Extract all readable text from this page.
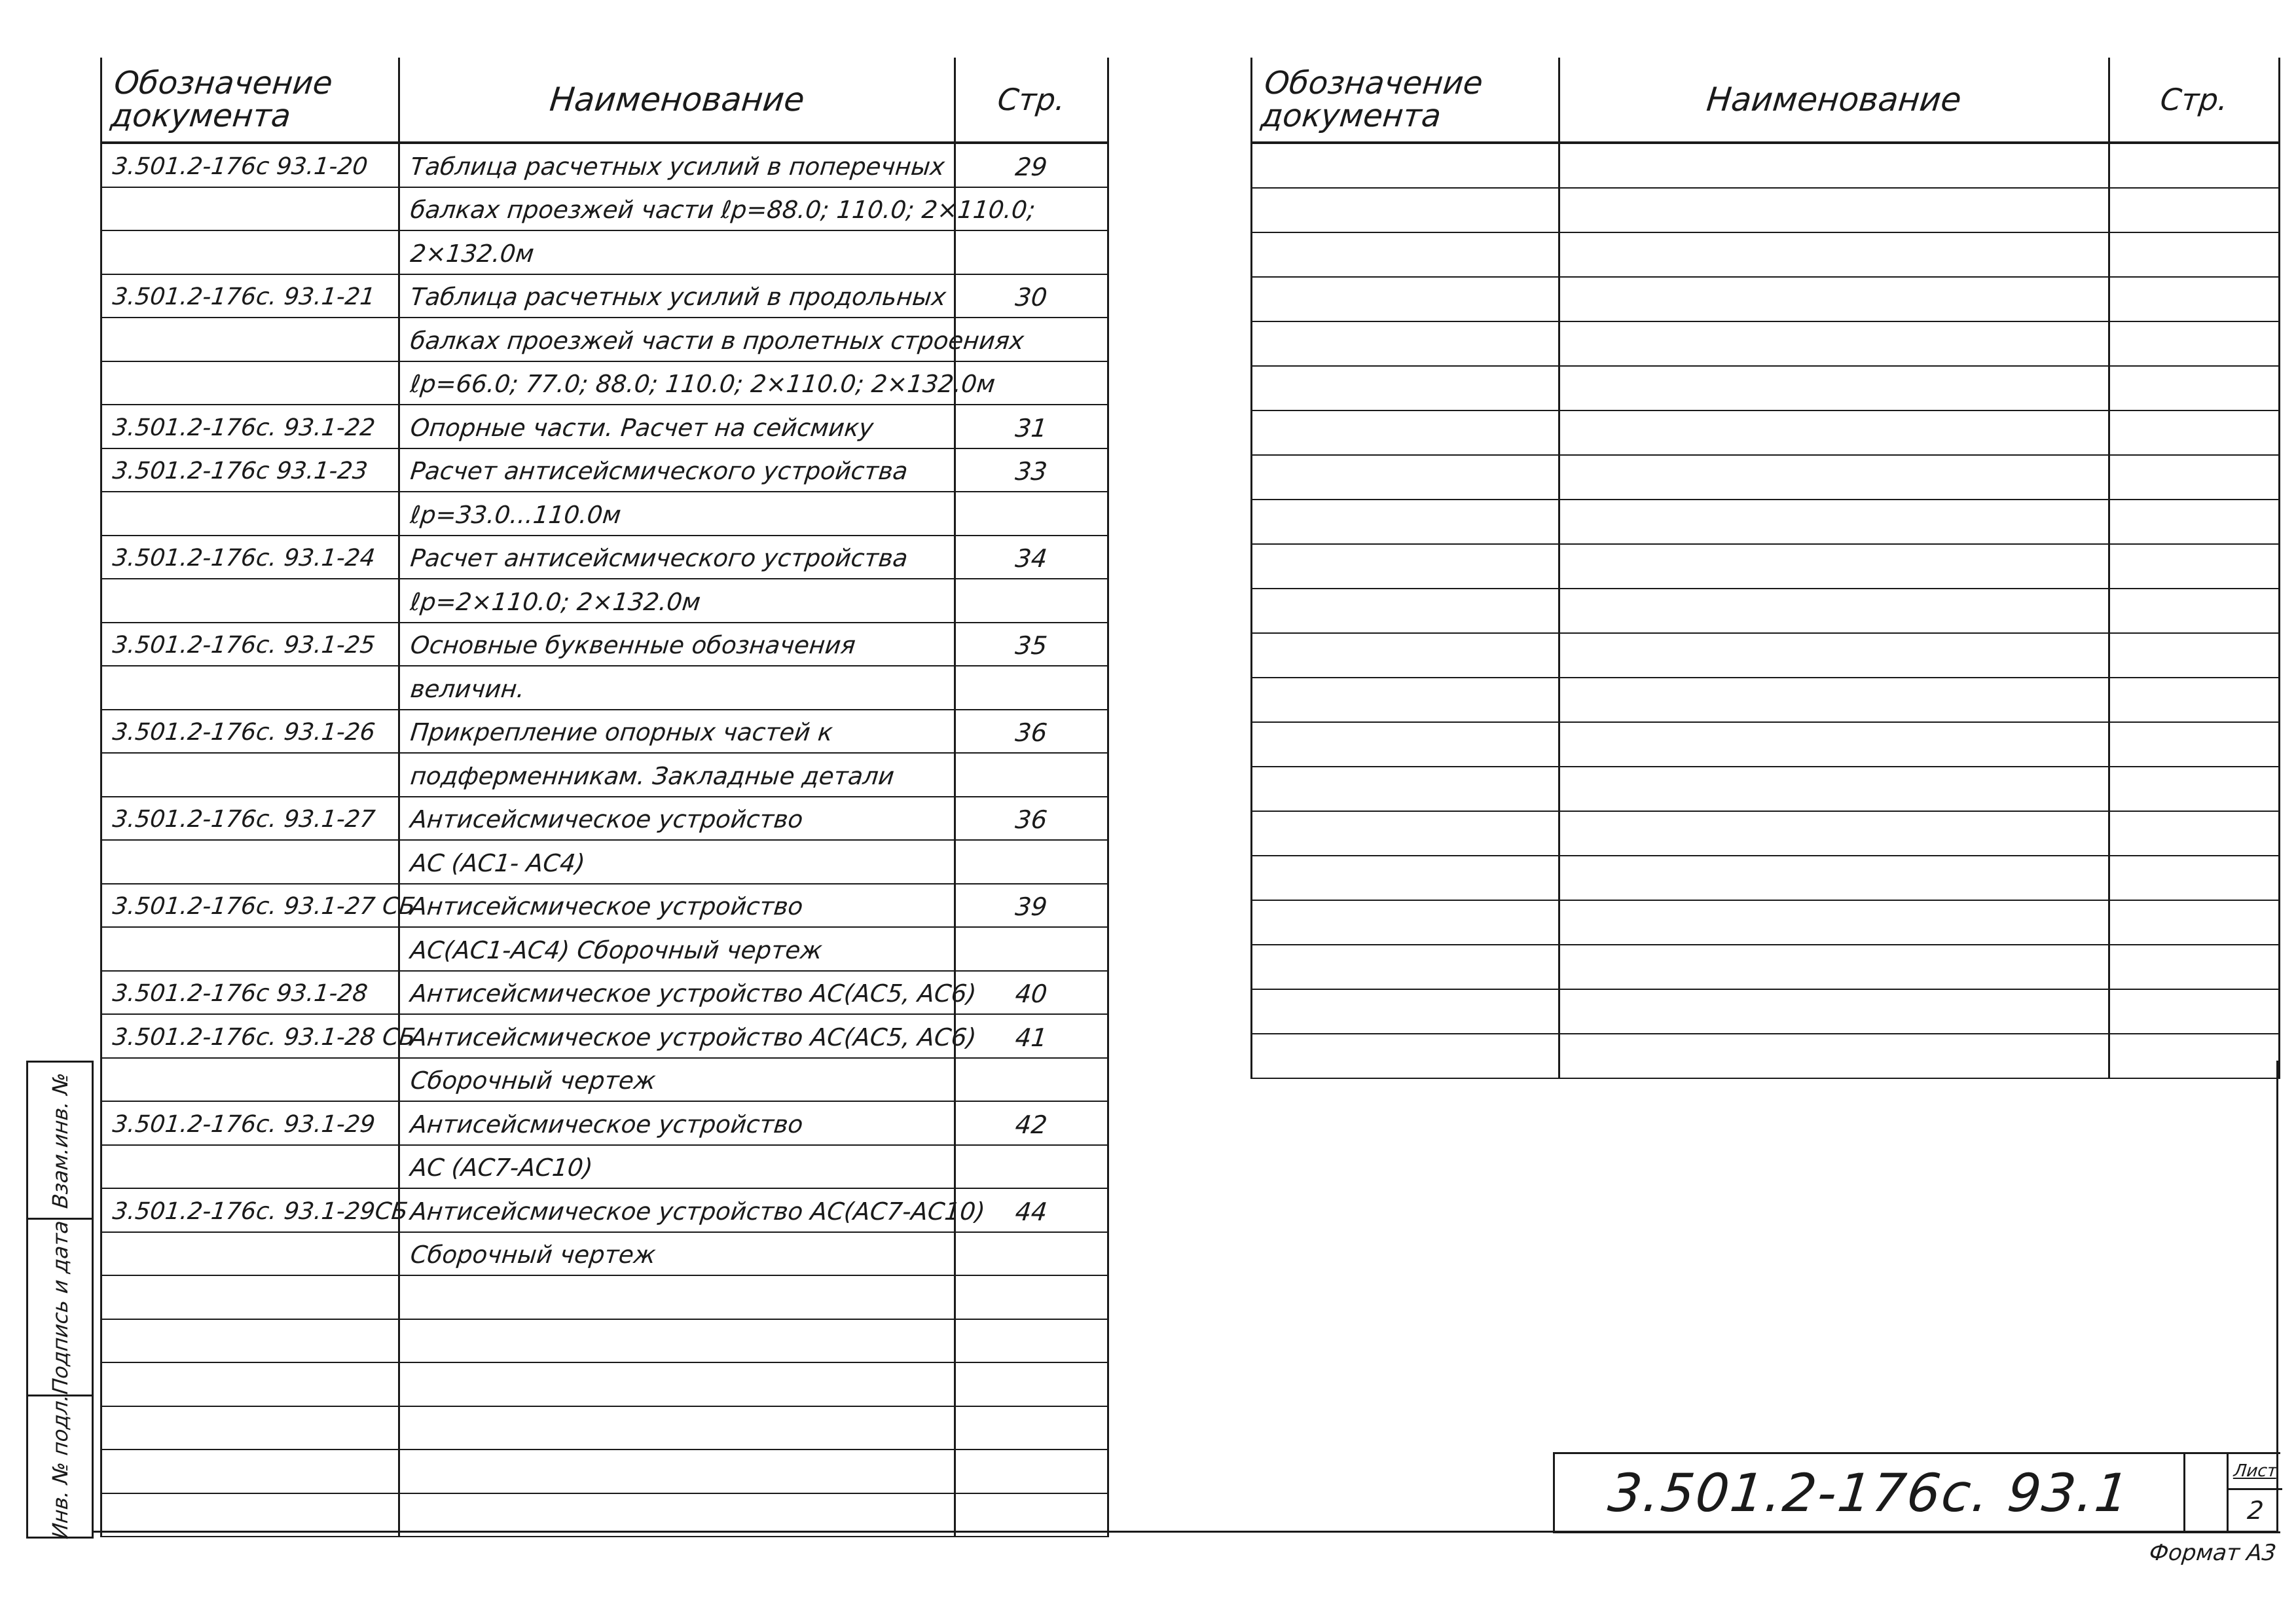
Обозначение документа	Наименование	Стр.
3.501.2-176с 93.1-20	Таблица расчетных усилий в поперечных	29
	балках проезжей части ℓр=88.0; 110.0; 2×110.0;	
	2×132.0м	
3.501.2-176с. 93.1-21	Таблица расчетных усилий в продольных	30
	балках проезжей части в пролетных строениях	
	ℓр=66.0; 77.0; 88.0; 110.0; 2×110.0; 2×132.0м	
3.501.2-176с. 93.1-22	Опорные части. Расчет на сейсмику	31
3.501.2-176с 93.1-23	Расчет антисейсмического устройства	33
	ℓр=33.0...110.0м	
3.501.2-176с. 93.1-24	Расчет антисейсмического устройства	34
	ℓр=2×110.0; 2×132.0м	
3.501.2-176с. 93.1-25	Основные буквенные обозначения	35
	величин.	
3.501.2-176с. 93.1-26	Прикрепление опорных частей к	36
	подферменникам. Закладные детали	
3.501.2-176с. 93.1-27	Антисейсмическое устройство	36
	АС (АС1- АС4)	
3.501.2-176с. 93.1-27 СБ	Антисейсмическое устройство	39
	АС(АС1-АС4) Сборочный чертеж	
3.501.2-176с 93.1-28	Антисейсмическое устройство АС(АС5, АС6)	40
3.501.2-176с. 93.1-28 СБ	Антисейсмическое устройство АС(АС5, АС6)	41
	Сборочный чертеж	
3.501.2-176с. 93.1-29	Антисейсмическое устройство	42
	АС (АС7-АС10)	
3.501.2-176с. 93.1-29СБ	Антисейсмическое устройство АС(АС7-АС10)	44
	Сборочный чертеж	

Обозначение документа	Наименование	Стр.

Взам.инв. №
Подпись и дата
Инв. № подл.	3.501.2-176с. 93.1	Лист
2
Формат А3
